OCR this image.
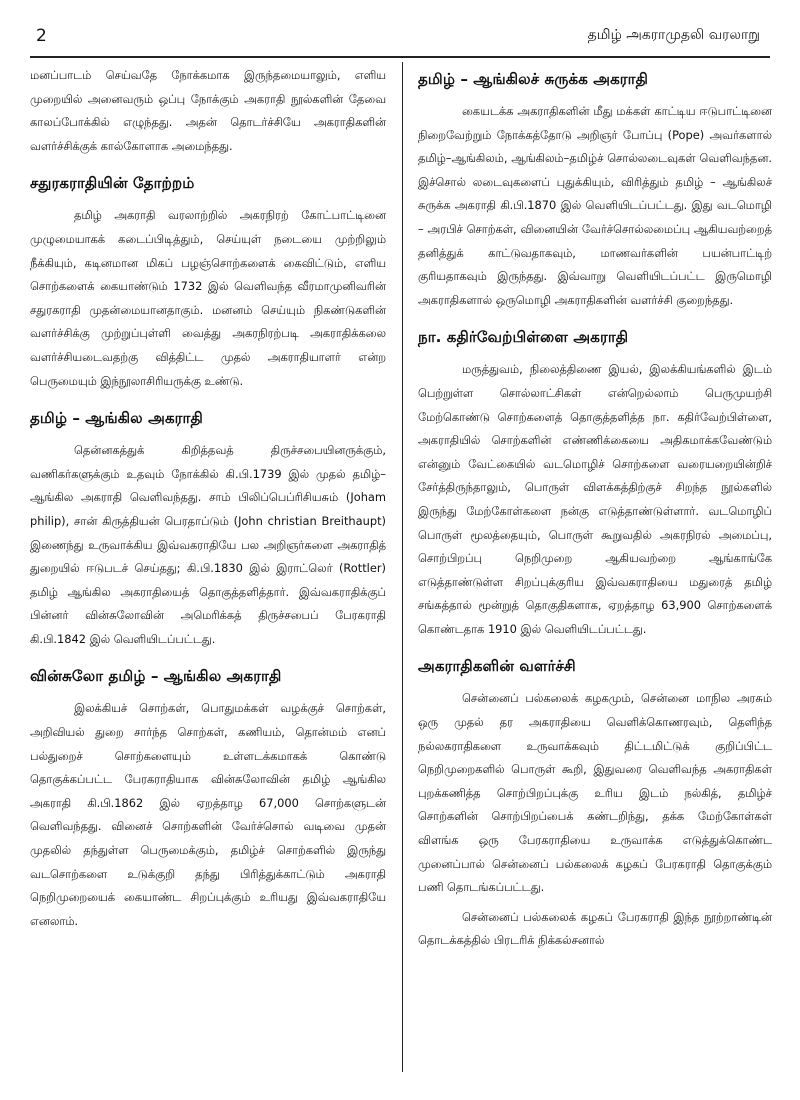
2	தமிழ் அகராமுதலி வரலாறு

மனப்பாடம் செய்வதே நோக்கமாக இருந்தமையாலும், எளிய முறையில் அனைவரும் ஒப்பு நோக்கும் அகராதி நூல்களின் தேவை காலப்போக்கில் எழுந்தது. அதன் தொடர்ச்சியே அகராதிகளின் வளர்ச்சிக்குக் கால்கோளாக அமைந்தது.

சதுரகராதியின் தோற்றம்

தமிழ் அகராதி வரலாற்றில் அகரநிரற் கோட்பாட்டினை முழுமையாகக் கடைப்பிடித்தும், செய்யுள் நடையை முற்றிலும் நீக்கியும், கடினமான மிகப் பழஞ்சொற்களைக் கைவிட்டும், எளிய சொற்களைக் கையாண்டும் 1732 இல் வெளிவந்த வீரமாமுனிவரின் சதுரகராதி முதன்மையானதாகும். மனனம் செய்யும் நிகண்டுகளின் வளர்ச்சிக்கு முற்றுப்புள்ளி வைத்து அகரநிரற்படி அகராதிக்கலை வளர்ச்சியடைவதற்கு வித்திட்ட முதல் அகராதியாளர் என்ற பெருமையும் இந்நூலாசிரியருக்கு உண்டு.

தமிழ் – ஆங்கில அகராதி

தென்னகத்துக் கிறித்தவத் திருச்சபையினருக்கும், வணிகர்களுக்கும் உதவும் நோக்கில் கி.பி.1739 இல் முதல் தமிழ்–ஆங்கில அகராதி வெளிவந்தது. சாம் பிலிப்பெப்ரிசியசும் (Joham philip), சான் கிருத்தியன் பெரதாப்டும் (John christian Breithaupt) இணைந்து உருவாக்கிய இவ்வகராதியே பல அறிஞர்களை அகராதித் துறையில் ஈடுபடச் செய்தது; கி.பி.1830 இல் இராட்லெர் (Rottler) தமிழ் ஆங்கில அகராதியைத் தொகுத்தளித்தார். இவ்வகராதிக்குப் பின்னர் வின்சுலோவின் அமெரிக்கத் திருச்சபைப் பேரகராதி கி.பி.1842 இல் வெளியிடப்பட்டது.

வின்சுலோ தமிழ் – ஆங்கில அகராதி

இலக்கியச் சொற்கள், பொதுமக்கள் வழக்குச் சொற்கள், அறிவியல் துறை சார்ந்த சொற்கள், கணியம், தொன்மம் எனப் பல்துறைச் சொற்களையும் உள்ளடக்கமாகக் கொண்டு தொகுக்கப்பட்ட பேரகராதியாக வின்சுலோவின் தமிழ் ஆங்கில அகராதி கி.பி.1862 இல் ஏறத்தாழ 67,000 சொற்களுடன் வெளிவந்தது. வினைச் சொற்களின் வேர்ச்சொல் வடிவை முதன் முதலில் தந்துள்ள பெருமைக்கும், தமிழ்ச் சொற்களில் இருந்து வடசொற்களை உடுக்குறி தந்து பிரித்துக்காட்டும் அகராதி நெறிமுறையைக் கையாண்ட சிறப்புக்கும் உரியது இவ்வகராதியே எனலாம்.

தமிழ் – ஆங்கிலச் சுருக்க அகராதி

கையடக்க அகராதிகளின் மீது மக்கள் காட்டிய ஈடுபாட்டினை நிறைவேற்றும் நோக்கத்தோடு அறிஞர் போப்பு (Pope) அவர்களால் தமிழ்–ஆங்கிலம், ஆங்கிலம்–தமிழ்ச் சொல்லடைவுகள் வெளிவந்தன. இச்சொல் லடைவுகளைப் புதுக்கியும், விரித்தும் தமிழ் – ஆங்கிலச் சுருக்க அகராதி கி.பி.1870 இல் வெளியிடப்பட்டது. இது வடமொழி – அரபிச் சொற்கள், வினையின் வேர்ச்சொல்லமைப்பு ஆகியவற்றைத் தனித்துக் காட்டுவதாகவும், மாணவர்களின் பயன்பாட்டிற் குரியதாகவும் இருந்தது. இவ்வாறு வெளியிடப்பட்ட இருமொழி அகராதிகளால் ஒருமொழி அகராதிகளின் வளர்ச்சி குறைந்தது.

நா. கதிர்வேற்பிள்ளை அகராதி

மருத்துவம், நிலைத்திணை இயல், இலக்கியங்களில் இடம் பெற்றுள்ள சொல்லாட்சிகள் என்றெல்லாம் பெருமுயற்சி மேற்கொண்டு சொற்களைத் தொகுத்தளித்த நா. கதிர்வேற்பிள்ளை, அகராதியில் சொற்களின் எண்ணிக்கையை அதிகமாக்கவேண்டும் என்னும் வேட்கையில் வடமொழிச் சொற்களை வரையறையின்றிச் சேர்த்திருந்தாலும், பொருள் விளக்கத்திற்குச் சிறந்த நூல்களில் இருந்து மேற்கோள்களை நன்கு எடுத்தாண்டுள்ளார். வடமொழிப் பொருள் மூலத்தையும், பொருள் கூறுவதில் அகரநிரல் அமைப்பு, சொற்பிறப்பு நெறிமுறை ஆகியவற்றை ஆங்காங்கே எடுத்தாண்டுள்ள சிறப்புக்குரிய இவ்வகராதியை மதுரைத் தமிழ் சங்கத்தால் மூன்றுத் தொகுதிகளாக, ஏறத்தாழ 63,900 சொற்களைக் கொண்டதாக 1910 இல் வெளியிடப்பட்டது.

அகராதிகளின் வளர்ச்சி

சென்னைப் பல்கலைக் கழகமும், சென்னை மாநில அரசும் ஒரு முதல் தர அகராதியை வெளிக்கொணரவும், தெளிந்த நல்லகராதிகளை உருவாக்கவும் திட்டமிட்டுக் குறிப்பிட்ட நெறிமுறைகளில் பொருள் கூறி, இதுவரை வெளிவந்த அகராதிகள் புறக்கணித்த சொற்பிறப்புக்கு உரிய இடம் நல்கித், தமிழ்ச் சொற்களின் சொற்பிறப்பைக் கண்டறிந்து, தக்க மேற்கோள்கள் விளங்க ஒரு பேரகராதியை உருவாக்க எடுத்துக்கொண்ட முனைப்பால் சென்னைப் பல்கலைக் கழகப் பேரகராதி தொகுக்கும் பணி தொடங்கப்பட்டது.

சென்னைப் பல்கலைக் கழகப் பேரகராதி இந்த நூற்றாண்டின் தொடக்கத்தில் பிரடரிக் நிக்கல்சனால்
